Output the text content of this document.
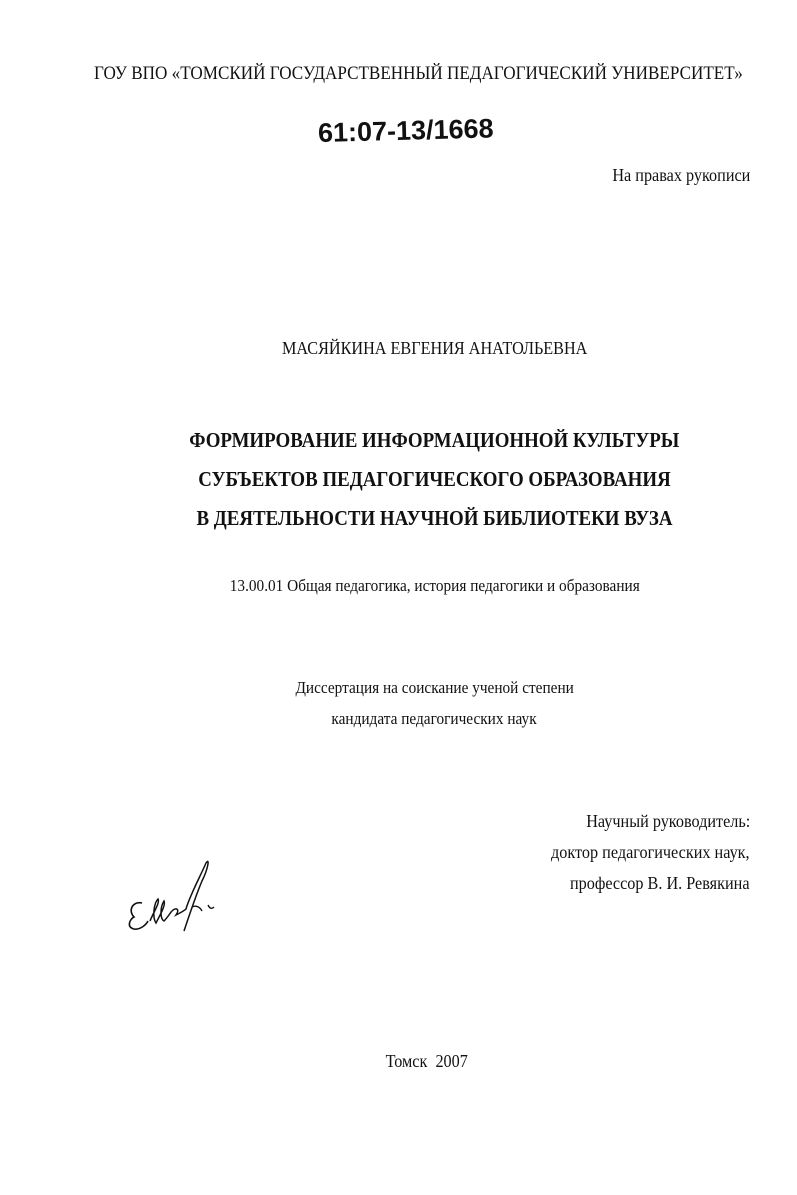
ГОУ ВПО «ТОМСКИЙ ГОСУДАРСТВЕННЫЙ ПЕДАГОГИЧЕСКИЙ УНИВЕРСИТЕТ»
61:07-13/1668
На правах рукописи
МАСЯЙКИНА ЕВГЕНИЯ АНАТОЛЬЕВНА
ФОРМИРОВАНИЕ ИНФОРМАЦИОННОЙ КУЛЬТУРЫ
СУБЪЕКТОВ ПЕДАГОГИЧЕСКОГО ОБРАЗОВАНИЯ
В ДЕЯТЕЛЬНОСТИ НАУЧНОЙ БИБЛИОТЕКИ ВУЗА
13.00.01 Общая педагогика, история педагогики и образования
Диссертация на соискание ученой степени
кандидата педагогических наук
Научный руководитель:
доктор педагогических наук,
профессор В. И. Ревякина
Томск  2007
